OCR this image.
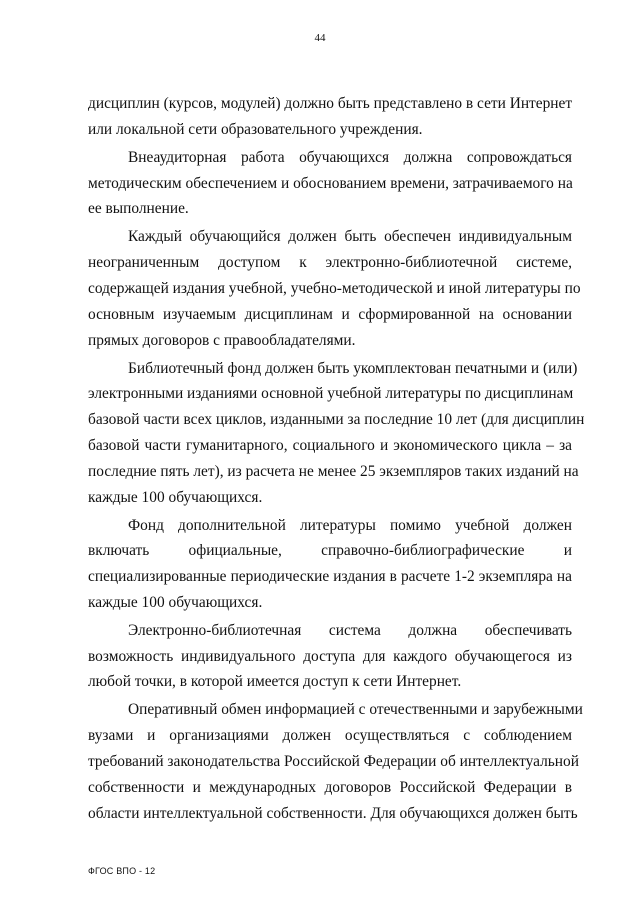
44
дисциплин (курсов, модулей) должно быть представлено в сети Интернет
или локальной сети образовательного учреждения.
Внеаудиторная работа обучающихся должна сопровождаться
методическим обеспечением и обоснованием времени, затрачиваемого на
ее выполнение.
Каждый обучающийся должен быть обеспечен индивидуальным
неограниченным доступом к электронно-библиотечной системе,
содержащей издания учебной, учебно-методической и иной литературы по
основным изучаемым дисциплинам и сформированной на основании
прямых договоров с правообладателями.
Библиотечный фонд должен быть укомплектован печатными и (или)
электронными изданиями основной учебной литературы по дисциплинам
базовой части всех циклов, изданными за последние 10 лет (для дисциплин
базовой части гуманитарного, социального и экономического цикла – за
последние пять лет), из расчета не менее 25 экземпляров таких изданий на
каждые 100 обучающихся.
Фонд дополнительной литературы помимо учебной должен
включать официальные, справочно-библиографические и
специализированные периодические издания в расчете 1-2 экземпляра на
каждые 100 обучающихся.
Электронно-библиотечная система должна обеспечивать
возможность индивидуального доступа для каждого обучающегося из
любой точки, в которой имеется доступ к сети Интернет.
Оперативный обмен информацией с отечественными и зарубежными
вузами и организациями должен осуществляться с соблюдением
требований законодательства Российской Федерации об интеллектуальной
собственности и международных договоров Российской Федерации в
области интеллектуальной собственности. Для обучающихся должен быть
ФГОС ВПО - 12
